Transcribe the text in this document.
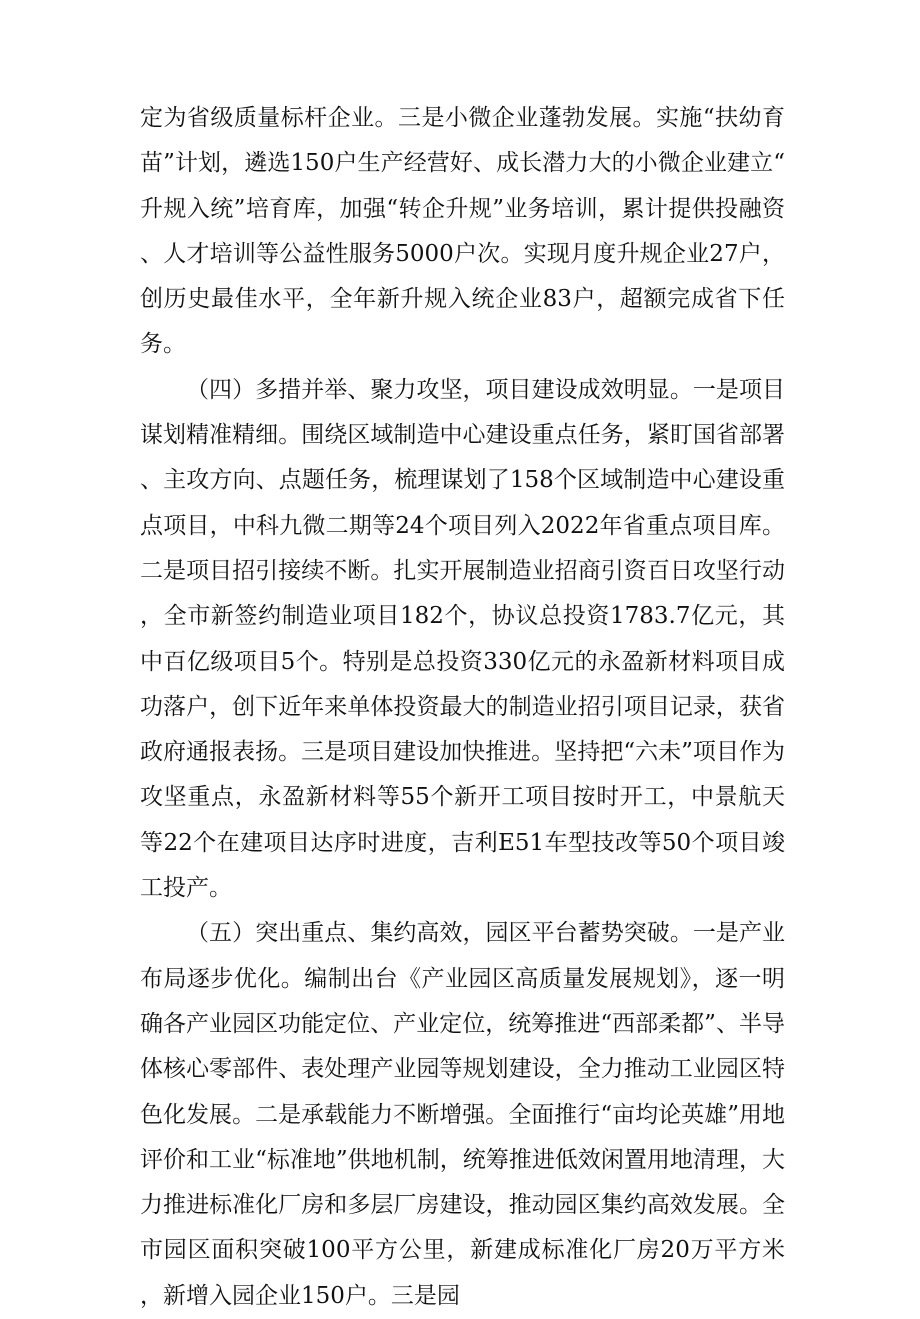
定为省级质量标杆企业。三是小微企业蓬勃发展。实施“扶幼育苗”计划，遴选150户生产经营好、成长潜力大的小微企业建立“升规入统”培育库，加强“转企升规”业务培训，累计提供投融资、人才培训等公益性服务5000户次。实现月度升规企业27户，创历史最佳水平，全年新升规入统企业83户，超额完成省下任务。

（四）多措并举、聚力攻坚，项目建设成效明显。一是项目谋划精准精细。围绕区域制造中心建设重点任务，紧盯国省部署、主攻方向、点题任务，梳理谋划了158个区域制造中心建设重点项目，中科九微二期等24个项目列入2022年省重点项目库。二是项目招引接续不断。扎实开展制造业招商引资百日攻坚行动，全市新签约制造业项目182个，协议总投资1783.7亿元，其中百亿级项目5个。特别是总投资330亿元的永盈新材料项目成功落户，创下近年来单体投资最大的制造业招引项目记录，获省政府通报表扬。三是项目建设加快推进。坚持把“六未”项目作为攻坚重点，永盈新材料等55个新开工项目按时开工，中景航天等22个在建项目达序时进度，吉利E51车型技改等50个项目竣工投产。

（五）突出重点、集约高效，园区平台蓄势突破。一是产业布局逐步优化。编制出台《产业园区高质量发展规划》，逐一明确各产业园区功能定位、产业定位，统筹推进“西部柔都”、半导体核心零部件、表处理产业园等规划建设，全力推动工业园区特色化发展。二是承载能力不断增强。全面推行“亩均论英雄”用地评价和工业“标准地”供地机制，统筹推进低效闲置用地清理，大力推进标准化厂房和多层厂房建设，推动园区集约高效发展。全市园区面积突破100平方公里，新建成标准化厂房20万平方米，新增入园企业150户。三是园
